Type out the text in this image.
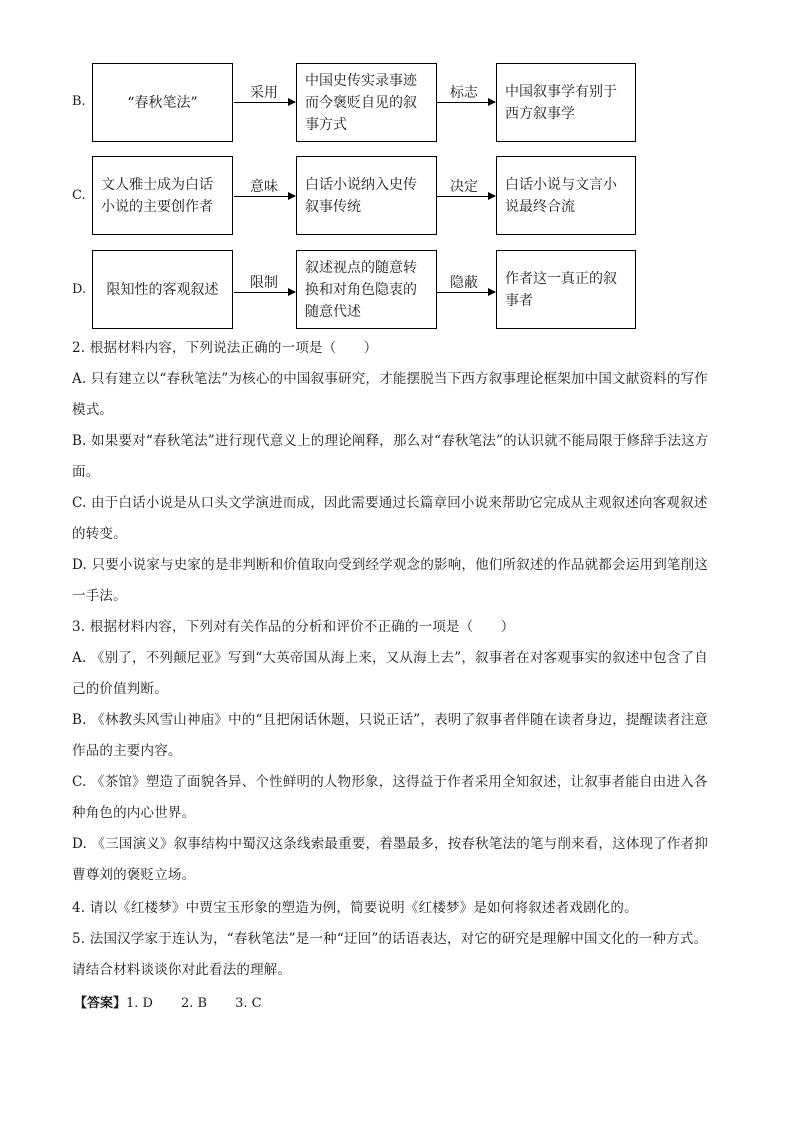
B.	“春秋笔法”
采用
中国史传实录事迹而今褒贬自见的叙事方式
标志	中国叙事学有别于西方叙事学
C.
文人雅士成为白话小说的主要创作者
意味	白话小说纳入史传叙事传统
决定	白话小说与文言小说最终合流
D. 限知性的客观叙述	限制
叙述视点的随意转换和对角色隐衷的随意代述
隐蔽	作者这一真正的叙事者
2. 根据材料内容，下列说法正确的一项是（　　）
A. 只有建立以“春秋笔法”为核心的中国叙事研究，才能摆脱当下西方叙事理论框架加中国文献资料的写作模式。
B. 如果要对“春秋笔法”进行现代意义上的理论阐释，那么对“春秋笔法”的认识就不能局限于修辞手法这方面。
C. 由于白话小说是从口头文学演进而成，因此需要通过长篇章回小说来帮助它完成从主观叙述向客观叙述的转变。
D. 只要小说家与史家的是非判断和价值取向受到经学观念的影响，他们所叙述的作品就都会运用到笔削这一手法。
3. 根据材料内容，下列对有关作品的分析和评价不正确的一项是（　　）
A. 《别了，不列颠尼亚》写到“大英帝国从海上来，又从海上去”，叙事者在对客观事实的叙述中包含了自己的价值判断。
B. 《林教头风雪山神庙》中的“且把闲话休题，只说正话”，表明了叙事者伴随在读者身边，提醒读者注意作品的主要内容。
C. 《茶馆》塑造了面貌各异、个性鲜明的人物形象，这得益于作者采用全知叙述，让叙事者能自由进入各种角色的内心世界。
D. 《三国演义》叙事结构中蜀汉这条线索最重要，着墨最多，按春秋笔法的笔与削来看，这体现了作者抑曹尊刘的褒贬立场。
4. 请以《红楼梦》中贾宝玉形象的塑造为例，简要说明《红楼梦》是如何将叙述者戏剧化的。
5. 法国汉学家于连认为，“春秋笔法”是一种“迂回”的话语表达，对它的研究是理解中国文化的一种方式。请结合材料谈谈你对此看法的理解。
【答案】1. D 2. B 3. C
